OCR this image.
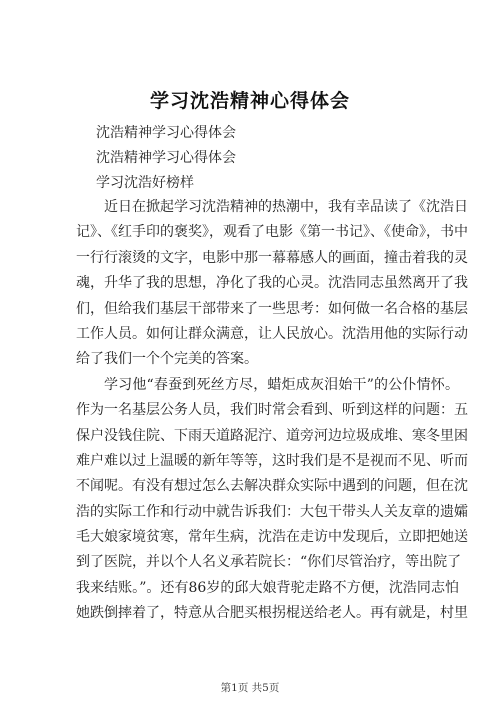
学习沈浩精神心得体会
沈浩精神学习心得体会
沈浩精神学习心得体会
学习沈浩好榜样
近日在掀起学习沈浩精神的热潮中，我有幸品读了《沈浩日
记》、《红手印的褒奖》，观看了电影《第一书记》、《使命》，书中
一行行滚烫的文字，电影中那一幕幕感人的画面，撞击着我的灵
魂，升华了我的思想，净化了我的心灵。沈浩同志虽然离开了我
们，但给我们基层干部带来了一些思考：如何做一名合格的基层
工作人员。如何让群众满意，让人民放心。沈浩用他的实际行动
给了我们一个个完美的答案。
学习他“春蚕到死丝方尽，蜡炬成灰泪始干”的公仆情怀。
作为一名基层公务人员，我们时常会看到、听到这样的问题：五
保户没钱住院、下雨天道路泥泞、道旁河边垃圾成堆、寒冬里困
难户难以过上温暖的新年等等，这时我们是不是视而不见、听而
不闻呢。有没有想过怎么去解决群众实际中遇到的问题，但在沈
浩的实际工作和行动中就告诉我们：大包干带头人关友章的遗孀
毛大娘家境贫寒，常年生病，沈浩在走访中发现后，立即把她送
到了医院，并以个人名义承若院长：“你们尽管治疗，等出院了
我来结账。”。还有86岁的邱大娘背驼走路不方便，沈浩同志怕
她跌倒摔着了，特意从合肥买根拐棍送给老人。再有就是，村里
第1页 共5页
